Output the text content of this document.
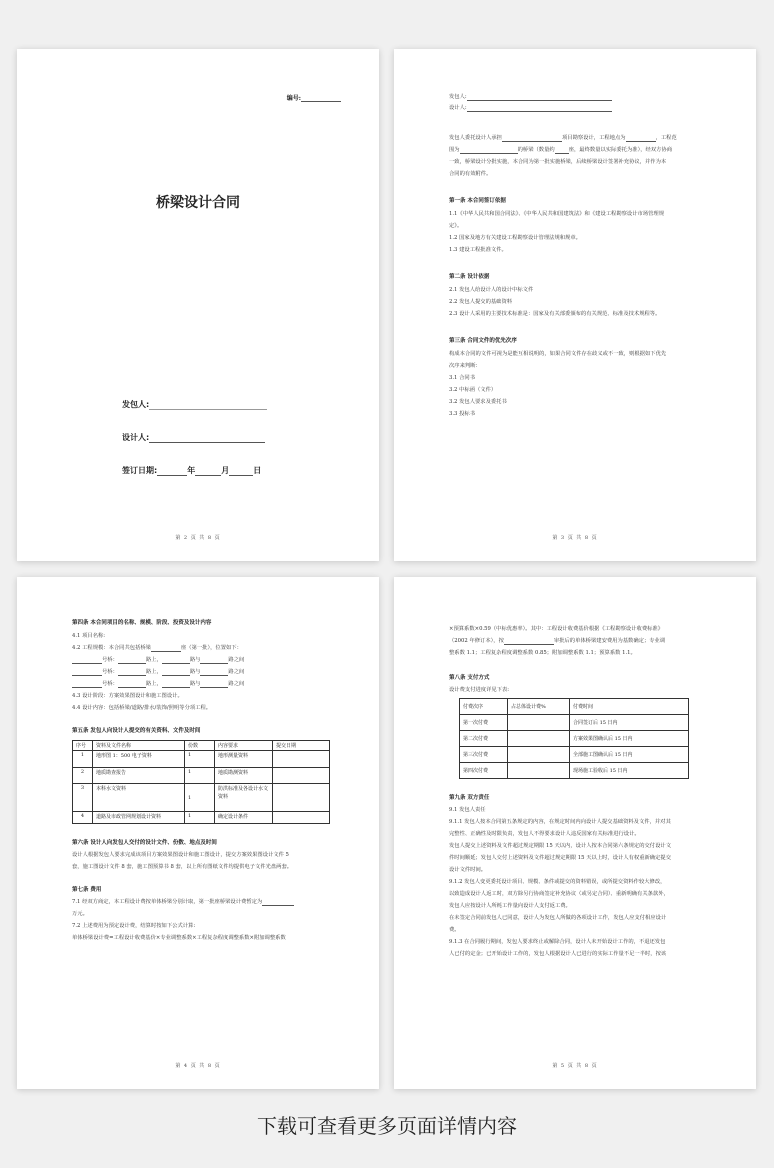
编号:
桥梁设计合同
发包人:
设计人:
签订日期:	年	月	日
第 2 页 共 8 页
发包人:
设计人:
发包人委托设计人承担	项目勘察设计，工程地点为	，工程范
围为	的桥梁（数量约	座，最终数量以实际委托为准），经双方协商
一致，桥梁设计分批实施，本合同为第一批实施桥梁，后续桥梁设计签署补充协议，并作为本
合同的有效附件。
第一条 本合同签订依据
1.1《中华人民共和国合同法》、《中华人民共和国建筑法》和《建设工程勘察设计市场管理规
定》。
1.2 国家及地方有关建设工程勘察设计管理法规和规章。
1.3 建设工程批准文件。
第二条 设计依据
2.1 发包人给设计人的设计中标文件
2.2 发包人提交的基础资料
2.3 设计人采用的主要技术标准是：国家及有关部委颁布的有关规范、标准及技术规程等。
第三条 合同文件的优先次序
构成本合同的文件可视为是能互相说明的，如果合同文件存在歧义或不一致，则根据如下优先
次序来判断：
3.1 合同书
3.2 中标函（文件）
3.2 发包人要求及委托书
3.3 投标书
第 3 页 共 8 页
第四条 本合同项目的名称、规模、阶段、投资及设计内容
4.1 项目名称:
4.2 工程规模：本合同共包括桥梁	座（第一批），位置如下：
号桥：	路上，	路与	路之间
号桥：	路上，	路与	路之间
号桥：	路上，	路与	路之间
4.3 设计阶段：方案效果图设计和施工图设计。
4.4 设计内容：包括桥梁/道路/排水/装饰/照明等分项工程。
第五条 发包人向设计人提交的有关资料、文件及时间
序号	资料及文件名称	份数	内容要求	提交日期
1	地形图 1：500 电子资料	1	地形测量资料	
2	地质勘查报告	1	地质勘测资料	
3	本科水文资料	1	防洪标准及各设计水文资料	
4	道路及市政管网规划设计资料	1	确定设计条件	
第六条 设计人向发包人交付的设计文件、份数、地点及时间
设计人根据发包人要求完成该项目方案效果图设计和施工图设计，提交方案效果图设计文件 5
套，施工图设计文件 8 套，施工图预算书 8 套，以上所有图纸文件均提供电子文件光盘两套。
第七条 费用
7.1 经双方商定，本工程设计费按单体桥梁分别计取，第一批座桥梁设计费暂定为
万元。
7.2 上述费用为预定设计费，结算时按如下公式计算:
单体桥梁设计费=工程设计收费基价×专业调整系数×工程复杂程度调整系数×附加调整系数
第 4 页 共 8 页
×预算系数×0.59（中标优惠率）。其中：工程设计收费基价根据《工程勘察设计收费标准》
（2002 年修订本），按	审批后的单体桥梁建安费用为基数确定；专业调
整系数 1.1；工程复杂程度调整系数 0.85；附加调整系数 1.1；预算系数 1.1。
第八条 支付方式
设计费支付进度详见下表:
付费次序	占总体设计费%	付费时间
第一次付费		合同签订后 15 日内
第二次付费		方案效果图确认后 15 日内
第三次付费		全部施工图确认后 15 日内
第四次付费		现场施工验收后 15 日内
第九条 双方责任
9.1 发包人责任
9.1.1 发包人按本合同第五条规定的内容，在规定时间内向设计人提交基础资料及文件，并对其
完整性、正确性及时限负责，发包人不得要求设计人违反国家有关标准进行设计。
发包人提交上述资料及文件超过规定期限 15 天以内，设计人按本合同第六条规定的交付设计文
件时间顺延；发包人交付上述资料及文件超过规定期限 15 天以上时，设计人有权重新确定提交
设计文件时间。
9.1.2 发包人变更委托设计项目、规模、条件或提交的资料错误，或所提交资料作较大修改，
以致造成设计人返工时，双方除另行协商签定补充协议（或另定合同）、重新明确有关条款外，
发包人应按设计人所耗工作量向设计人支付返工费。
在未签定合同前发包人已同意，设计人为发包人所做的各项设计工作，发包人应支付相应设计
费。
9.1.3 在合同履行期间，发包人要求终止或解除合同，设计人未开始设计工作的，不退还发包
人已付的定金；已开始设计工作的，发包人根据设计人已进行的实际工作量不足一半时，按该
第 5 页 共 8 页
下载可查看更多页面详情内容
